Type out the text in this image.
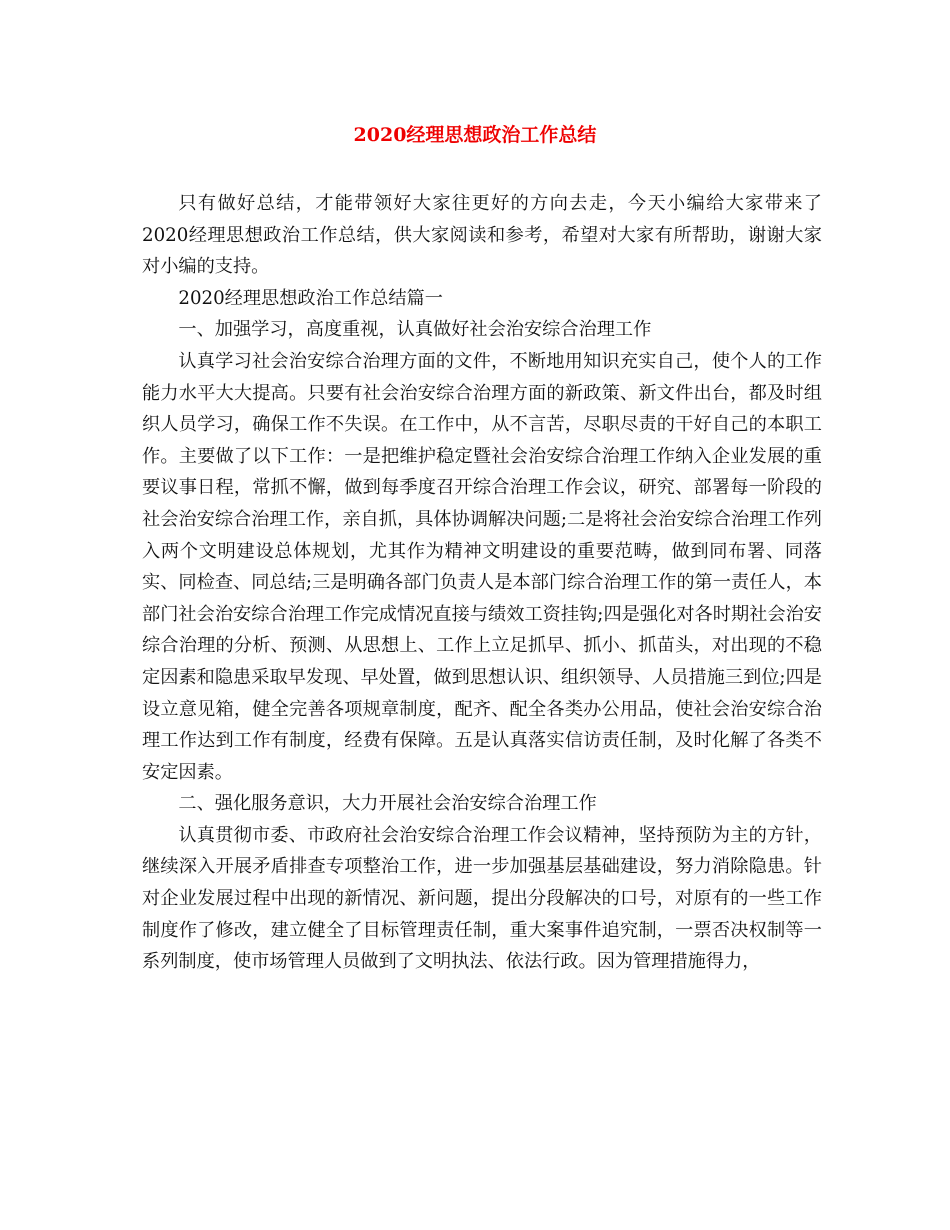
2020经理思想政治工作总结

只有做好总结，才能带领好大家往更好的方向去走，今天小编给大家带来了2020经理思想政治工作总结，供大家阅读和参考，希望对大家有所帮助，谢谢大家对小编的支持。

2020经理思想政治工作总结篇一

一、加强学习，高度重视，认真做好社会治安综合治理工作

认真学习社会治安综合治理方面的文件，不断地用知识充实自己，使个人的工作能力水平大大提高。只要有社会治安综合治理方面的新政策、新文件出台，都及时组织人员学习，确保工作不失误。在工作中，从不言苦，尽职尽责的干好自己的本职工作。主要做了以下工作：一是把维护稳定暨社会治安综合治理工作纳入企业发展的重要议事日程，常抓不懈，做到每季度召开综合治理工作会议，研究、部署每一阶段的社会治安综合治理工作，亲自抓，具体协调解决问题;二是将社会治安综合治理工作列入两个文明建设总体规划，尤其作为精神文明建设的重要范畴，做到同布署、同落实、同检查、同总结;三是明确各部门负责人是本部门综合治理工作的第一责任人，本部门社会治安综合治理工作完成情况直接与绩效工资挂钩;四是强化对各时期社会治安综合治理的分析、预测、从思想上、工作上立足抓早、抓小、抓苗头，对出现的不稳定因素和隐患采取早发现、早处置，做到思想认识、组织领导、人员措施三到位;四是设立意见箱，健全完善各项规章制度，配齐、配全各类办公用品，使社会治安综合治理工作达到工作有制度，经费有保障。五是认真落实信访责任制，及时化解了各类不安定因素。

二、强化服务意识，大力开展社会治安综合治理工作

认真贯彻市委、市政府社会治安综合治理工作会议精神，坚持预防为主的方针，继续深入开展矛盾排查专项整治工作，进一步加强基层基础建设，努力消除隐患。针对企业发展过程中出现的新情况、新问题，提出分段解决的口号，对原有的一些工作制度作了修改，建立健全了目标管理责任制，重大案事件追究制，一票否决权制等一系列制度，使市场管理人员做到了文明执法、依法行政。因为管理措施得力，
